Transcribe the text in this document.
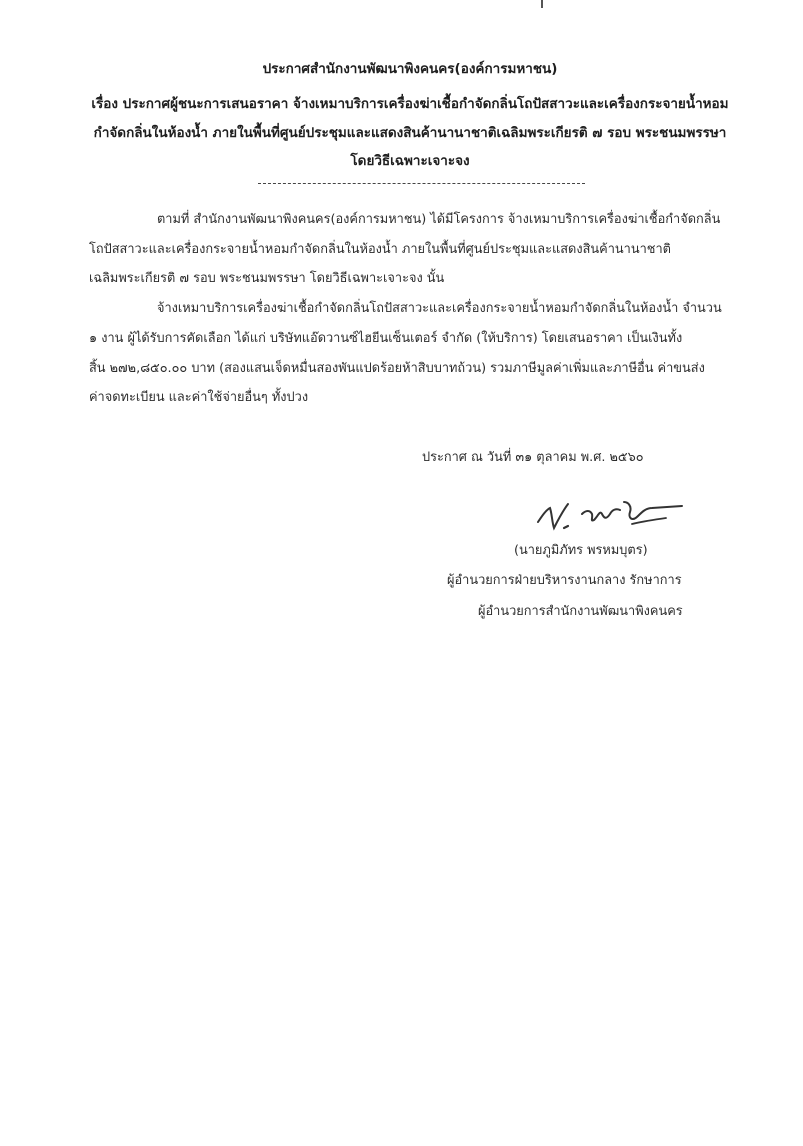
ประกาศสำนักงานพัฒนาพิงคนคร(องค์การมหาชน)
เรื่อง ประกาศผู้ชนะการเสนอราคา จ้างเหมาบริการเครื่องฆ่าเชื้อกำจัดกลิ่นโถปัสสาวะและเครื่องกระจายน้ำหอม
กำจัดกลิ่นในห้องน้ำ ภายในพื้นที่ศูนย์ประชุมและแสดงสินค้านานาชาติเฉลิมพระเกียรติ ๗ รอบ พระชนมพรรษา
โดยวิธีเฉพาะเจาะจง
ตามที่ สำนักงานพัฒนาพิงคนคร(องค์การมหาชน) ได้มีโครงการ จ้างเหมาบริการเครื่องฆ่าเชื้อกำจัดกลิ่น
โถปัสสาวะและเครื่องกระจายน้ำหอมกำจัดกลิ่นในห้องน้ำ ภายในพื้นที่ศูนย์ประชุมและแสดงสินค้านานาชาติ
เฉลิมพระเกียรติ ๗ รอบ พระชนมพรรษา โดยวิธีเฉพาะเจาะจง นั้น
จ้างเหมาบริการเครื่องฆ่าเชื้อกำจัดกลิ่นโถปัสสาวะและเครื่องกระจายน้ำหอมกำจัดกลิ่นในห้องน้ำ จำนวน
๑ งาน ผู้ได้รับการคัดเลือก ได้แก่ บริษัทแอ๊ดวานซ์ไฮยีนเซ็นเตอร์ จำกัด (ให้บริการ) โดยเสนอราคา เป็นเงินทั้ง
สิ้น ๒๗๒,๘๕๐.๐๐ บาท (สองแสนเจ็ดหมื่นสองพันแปดร้อยห้าสิบบาทถ้วน) รวมภาษีมูลค่าเพิ่มและภาษีอื่น ค่าขนส่ง
ค่าจดทะเบียน และค่าใช้จ่ายอื่นๆ ทั้งปวง
ประกาศ ณ วันที่ ๓๑ ตุลาคม พ.ศ. ๒๕๖๐
(นายภูมิภัทร พรหมบุตร)
ผู้อำนวยการฝ่ายบริหารงานกลาง รักษาการ
ผู้อำนวยการสำนักงานพัฒนาพิงคนคร
